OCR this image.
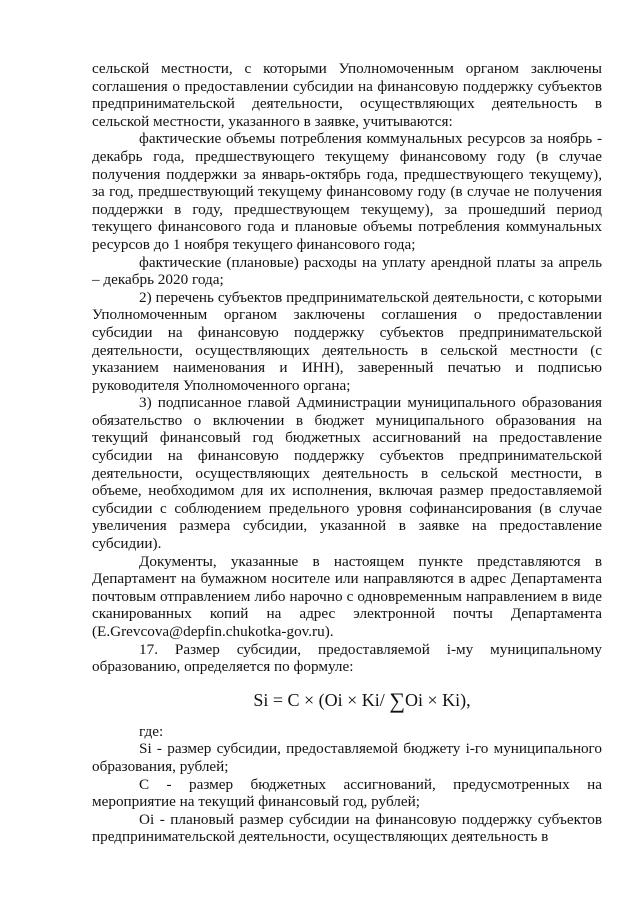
сельской местности, с которыми Уполномоченным органом заключены соглашения о предоставлении субсидии на финансовую поддержку субъектов предпринимательской деятельности, осуществляющих деятельность в сельской местности, указанного в заявке, учитываются:

фактические объемы потребления коммунальных ресурсов за ноябрь - декабрь года, предшествующего текущему финансовому году (в случае получения поддержки за январь-октябрь года, предшествующего текущему), за год, предшествующий текущему финансовому году (в случае не получения поддержки в году, предшествующем текущему), за прошедший период текущего финансового года и плановые объемы потребления коммунальных ресурсов до 1 ноября текущего финансового года;

фактические (плановые) расходы на уплату арендной платы за апрель – декабрь 2020 года;

2) перечень субъектов предпринимательской деятельности, с которыми Уполномоченным органом заключены соглашения о предоставлении субсидии на финансовую поддержку субъектов предпринимательской деятельности, осуществляющих деятельность в сельской местности (с указанием наименования и ИНН), заверенный печатью и подписью руководителя Уполномоченного органа;

3) подписанное главой Администрации муниципального образования обязательство о включении в бюджет муниципального образования на текущий финансовый год бюджетных ассигнований на предоставление субсидии на финансовую поддержку субъектов предпринимательской деятельности, осуществляющих деятельность в сельской местности, в объеме, необходимом для их исполнения, включая размер предоставляемой субсидии с соблюдением предельного уровня софинансирования (в случае увеличения размера субсидии, указанной в заявке на предоставление субсидии).

Документы, указанные в настоящем пункте представляются в Департамент на бумажном носителе или направляются в адрес Департамента почтовым отправлением либо нарочно с одновременным направлением в виде сканированных копий на адрес электронной почты Департамента (E.Grevcova@depfin.chukotka-gov.ru).

17. Размер субсидии, предоставляемой i-му муниципальному образованию, определяется по формуле:

Si = С × (Oi × Ki/ ∑Oi × Ki),

где:

Si - размер субсидии, предоставляемой бюджету i-го муниципального образования, рублей;

С - размер бюджетных ассигнований, предусмотренных на мероприятие на текущий финансовый год, рублей;

Oi - плановый размер субсидии на финансовую поддержку субъектов предпринимательской деятельности, осуществляющих деятельность в
